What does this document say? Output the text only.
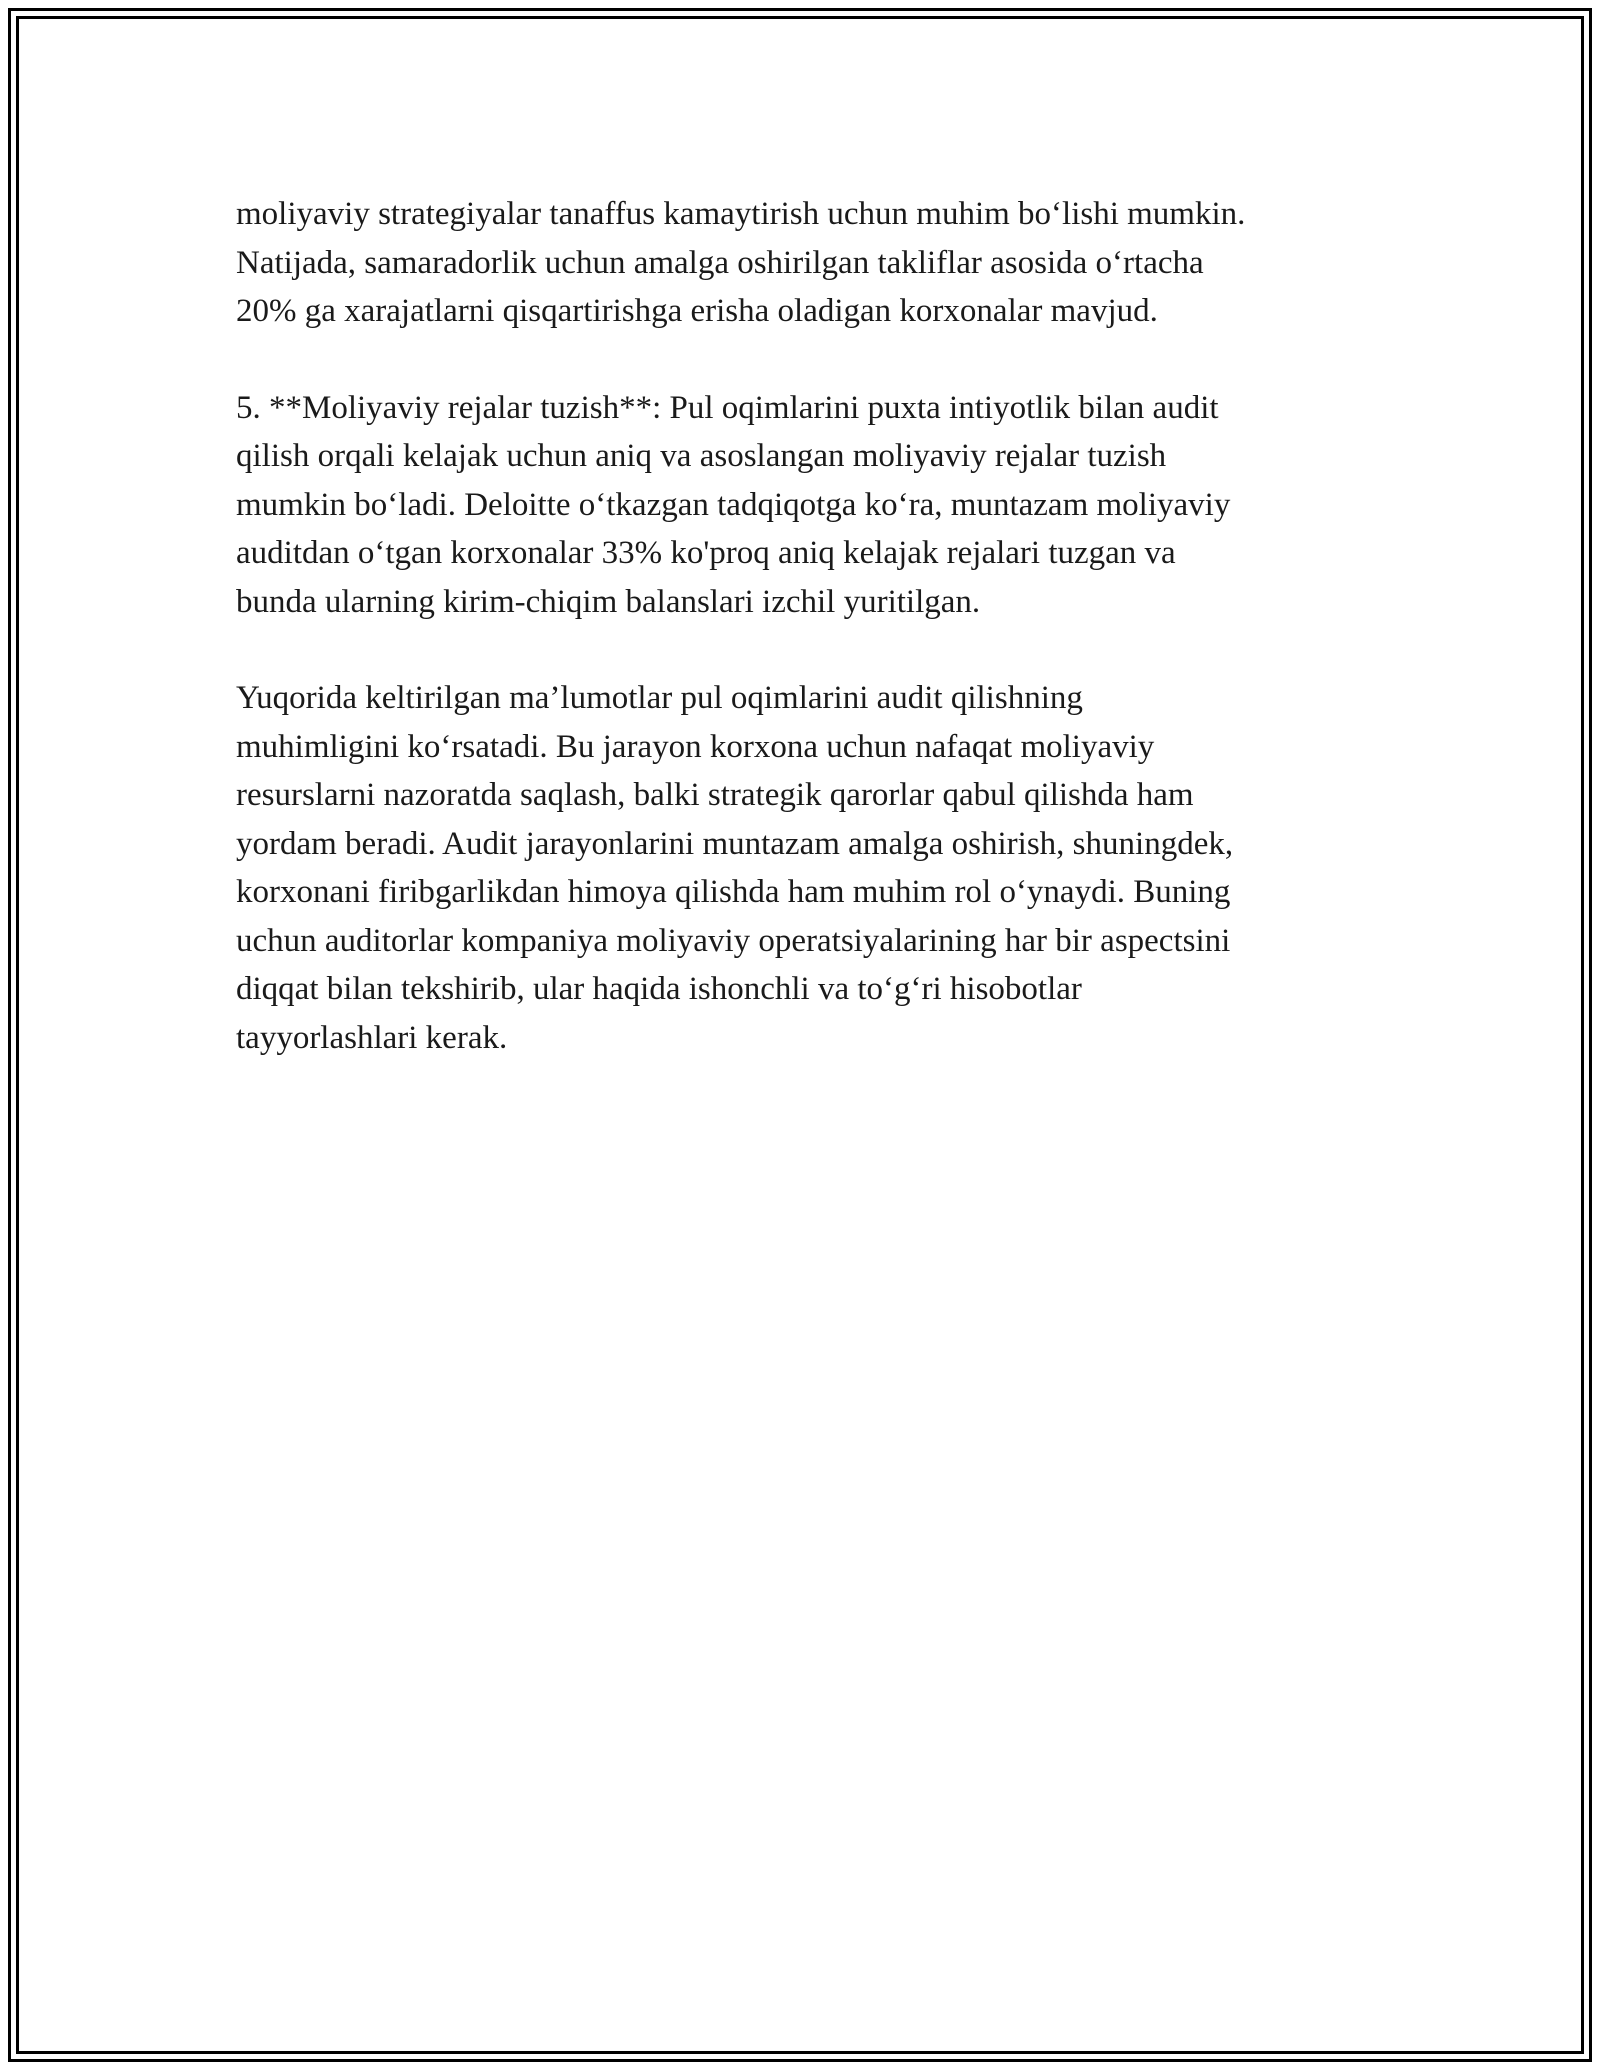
moliyaviy strategiyalar tanaffus kamaytirish uchun muhim bo‘lishi mumkin.
Natijada, samaradorlik uchun amalga oshirilgan takliflar asosida o‘rtacha
20% ga xarajatlarni qisqartirishga erisha oladigan korxonalar mavjud.

5. **Moliyaviy rejalar tuzish**: Pul oqimlarini puxta intiyotlik bilan audit
qilish orqali kelajak uchun aniq va asoslangan moliyaviy rejalar tuzish
mumkin bo‘ladi. Deloitte o‘tkazgan tadqiqotga ko‘ra, muntazam moliyaviy
auditdan o‘tgan korxonalar 33% ko'proq aniq kelajak rejalari tuzgan va
bunda ularning kirim-chiqim balanslari izchil yuritilgan.

Yuqorida keltirilgan ma’lumotlar pul oqimlarini audit qilishning
muhimligini ko‘rsatadi. Bu jarayon korxona uchun nafaqat moliyaviy
resurslarni nazoratda saqlash, balki strategik qarorlar qabul qilishda ham
yordam beradi. Audit jarayonlarini muntazam amalga oshirish, shuningdek,
korxonani firibgarlikdan himoya qilishda ham muhim rol o‘ynaydi. Buning
uchun auditorlar kompaniya moliyaviy operatsiyalarining har bir aspectsini
diqqat bilan tekshirib, ular haqida ishonchli va to‘g‘ri hisobotlar
tayyorlashlari kerak.
